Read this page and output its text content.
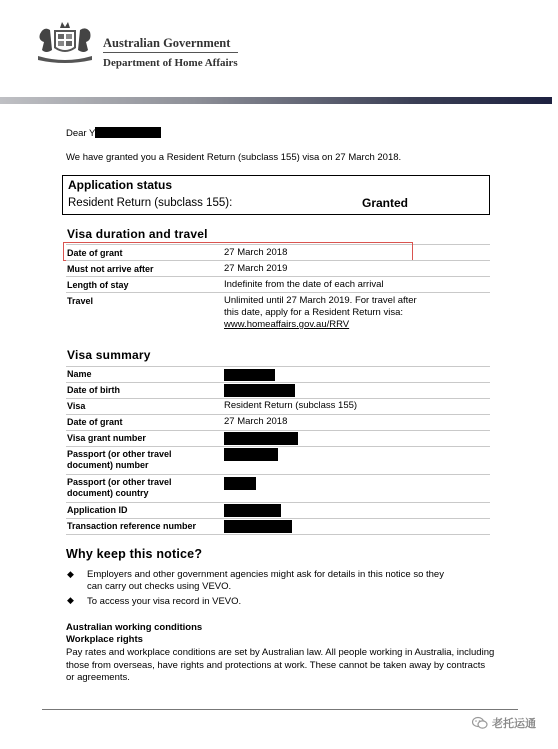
Australian Government
Department of Home Affairs
Dear Y
We have granted you a Resident Return (subclass 155) visa on 27 March 2018.
Application status
Resident Return (subclass 155):	Granted
Visa duration and travel
Date of grant	27 March 2018
Must not arrive after	27 March 2019
Length of stay	Indefinite from the date of each arrival
Travel	Unlimited until 27 March 2019. For travel after
this date, apply for a Resident Return visa:
www.homeaffairs.gov.au/RRV
Visa summary
Name
Date of birth
Visa	Resident Return (subclass 155)
Date of grant	27 March 2018
Visa grant number
Passport (or other travel
document) number
Passport (or other travel
document) country
Application ID
Transaction reference number
Why keep this notice?
◆ Employers and other government agencies might ask for details in this notice so they
can carry out checks using VEVO.
◆ To access your visa record in VEVO.
Australian working conditions
Workplace rights
Pay rates and workplace conditions are set by Australian law. All people working in Australia, including those from overseas, have rights and protections at work. These cannot be taken away by contracts or agreements.
老托运通
